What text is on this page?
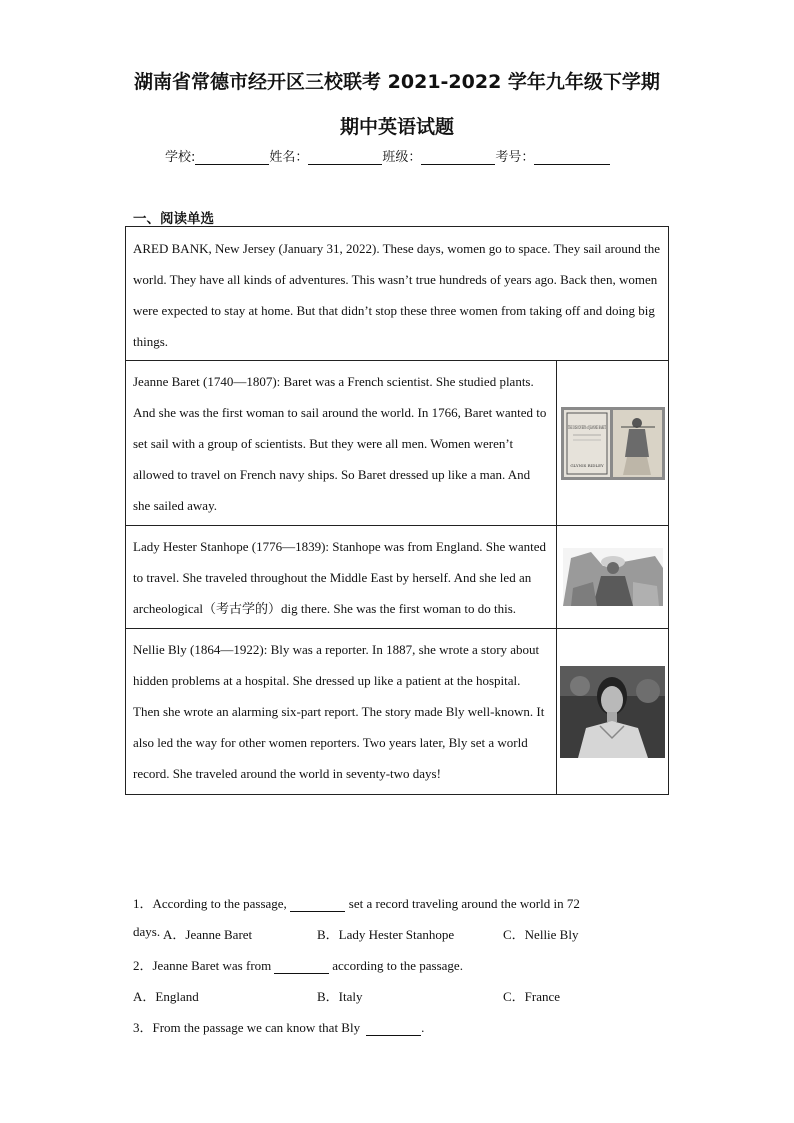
湖南省常德市经开区三校联考 2021-2022 学年九年级下学期
期中英语试题
学校:	姓名：	班级：	考号：
一、阅读单选
ARED BANK, New Jersey (January 31, 2022). These days, women go to space. They sail around the world. They have all kinds of adventures. This wasn’t true hundreds of years ago. Back then, women were expected to stay at home. But that didn’t stop these three women from taking off and doing big things.	
Jeanne Baret (1740—1807): Baret was a French scientist. She studied plants. And she was the first woman to sail around the world. In 1766, Baret wanted to set sail with a group of scientists. But they were all men. Women weren’t allowed to travel on French navy ships. So Baret dressed up like a man. And she sailed away.	THE DISCOVERY of JEANNE BARET
GLYNIS RIDLEY

Lady Hester Stanhope (1776—1839): Stanhope was from England. She wanted to travel. She traveled throughout the Middle East by herself. And she led an archeological（考古学的）dig there. She was the first woman to do this.	

Nellie Bly (1864—1922): Bly was a reporter. In 1887, she wrote a story about hidden problems at a hospital. She dressed up like a patient at the hospital. Then she wrote an alarming six-part report. The story made Bly well-known. It also led the way for other women reporters. Two years later, Bly set a world record. She traveled around the world in seventy-two days!	
1．According to the passage,	set a record traveling around the world in 72
days. A．Jeanne Baret	B．Lady Hester Stanhope	C．Nellie Bly
2．Jeanne Baret was from	according to the passage.
A．England	B．Italy	C．France
3．From the passage we can know that Bly	.
